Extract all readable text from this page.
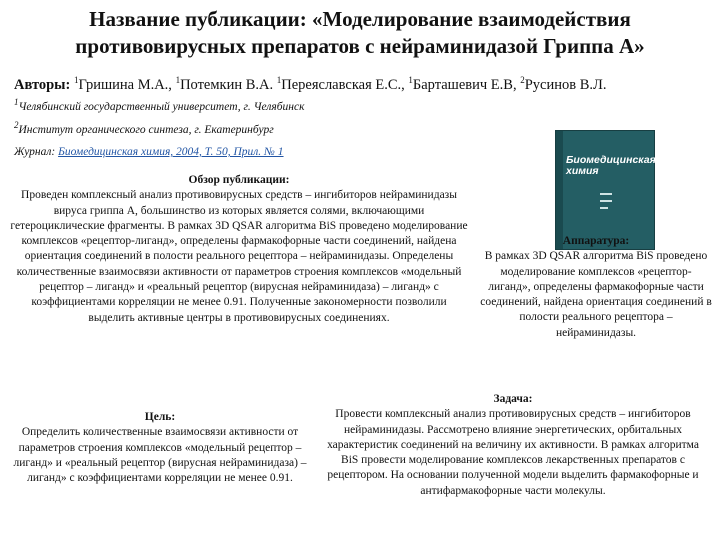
Название публикации: «Моделирование взаимодействия противовирусных препаратов с нейраминидазой Гриппа А»
Авторы: $^1$Гришина М.А., $^1$Потемкин В.А. $^1$Переяславская Е.С., $^1$Барташевич Е.В, $^2$Русинов В.Л.
$^1$Челябинский государственный университет, г. Челябинск
$^2$Институт органического синтеза, г. Екатеринбург
Журнал: Биомедицинская химия, 2004, Т. 50, Прил. № 1
Биомедицинская химия
Обзор публикации:
Проведен комплексный анализ противовирусных средств – ингибиторов нейраминидазы вируса гриппа А, большинство из которых является солями, включающими гетероциклические фрагменты. В рамках 3D QSAR алгоритма BiS проведено моделирование комплексов «рецептор-лиганд», определены фармакофорные части соединений, найдена ориентация соединений в полости реального рецептора – нейраминидазы. Определены количественные взаимосвязи активности от параметров строения комплексов «модельный рецептор – лиганд» и «реальный рецептор (вирусная нейраминидаза) – лиганд» с коэффициентами корреляции не менее 0.91. Полученные закономерности позволили выделить активные центры в противовирусных соединениях.
Аппаратура:
В рамках 3D QSAR алгоритма BiS проведено моделирование комплексов «рецептор-лиганд», определены фармакофорные части соединений, найдена ориентация соединений в полости реального рецептора – нейраминидазы.
Задача:
Провести комплексный анализ противовирусных средств – ингибиторов нейраминидазы. Рассмотрено влияние энергетических, орбитальных характеристик соединений на величину их активности. В рамках алгоритма BiS провести моделирование комплексов лекарственных препаратов с рецептором. На основании полученной модели выделить фармакофорные и антифармакофорные части молекулы.
Цель:
Определить количественные взаимосвязи активности от параметров строения комплексов «модельный рецептор – лиганд» и «реальный рецептор (вирусная нейраминидаза) – лиганд» с коэффициентами корреляции не менее 0.91.
